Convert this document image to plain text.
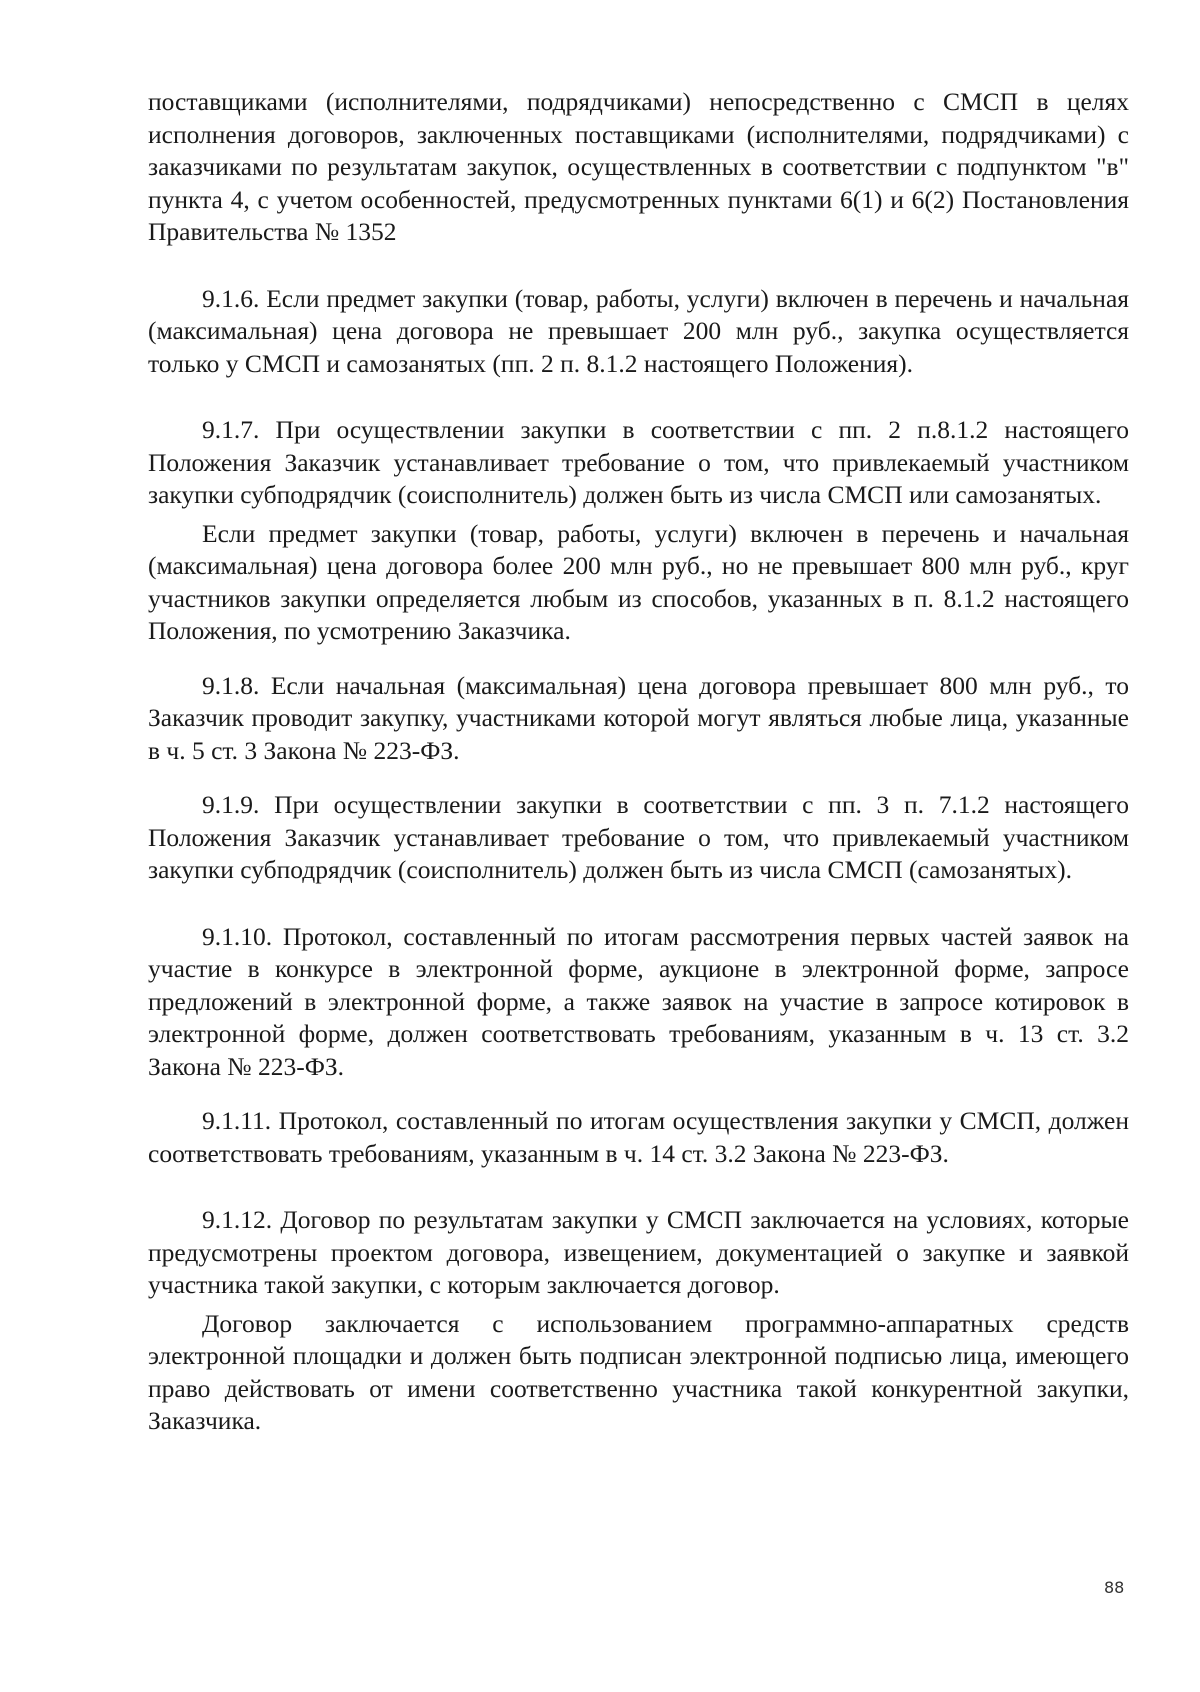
поставщиками (исполнителями, подрядчиками) непосредственно с СМСП в целях исполнения договоров, заключенных поставщиками (исполнителями, подрядчиками) с заказчиками по результатам закупок, осуществленных в соответствии с подпунктом "в" пункта 4, с учетом особенностей, предусмотренных пунктами 6(1) и 6(2) Постановления Правительства № 1352

9.1.6. Если предмет закупки (товар, работы, услуги) включен в перечень и начальная (максимальная) цена договора не превышает 200 млн руб., закупка осуществляется только у СМСП и самозанятых (пп. 2 п. 8.1.2 настоящего Положения).

9.1.7. При осуществлении закупки в соответствии с пп. 2 п.8.1.2 настоящего Положения Заказчик устанавливает требование о том, что привлекаемый участником закупки субподрядчик (соисполнитель) должен быть из числа СМСП или самозанятых.

Если предмет закупки (товар, работы, услуги) включен в перечень и начальная (максимальная) цена договора более 200 млн руб., но не превышает 800 млн руб., круг участников закупки определяется любым из способов, указанных в п. 8.1.2 настоящего Положения, по усмотрению Заказчика.

9.1.8. Если начальная (максимальная) цена договора превышает 800 млн руб., то Заказчик проводит закупку, участниками которой могут являться любые лица, указанные в ч. 5 ст. 3 Закона № 223-ФЗ.

9.1.9. При осуществлении закупки в соответствии с пп. 3 п. 7.1.2 настоящего Положения Заказчик устанавливает требование о том, что привлекаемый участником закупки субподрядчик (соисполнитель) должен быть из числа СМСП (самозанятых).

9.1.10. Протокол, составленный по итогам рассмотрения первых частей заявок на участие в конкурсе в электронной форме, аукционе в электронной форме, запросе предложений в электронной форме, а также заявок на участие в запросе котировок в электронной форме, должен соответствовать требованиям, указанным в ч. 13 ст. 3.2 Закона № 223-ФЗ.

9.1.11. Протокол, составленный по итогам осуществления закупки у СМСП, должен соответствовать требованиям, указанным в ч. 14 ст. 3.2 Закона № 223-ФЗ.

9.1.12. Договор по результатам закупки у СМСП заключается на условиях, которые предусмотрены проектом договора, извещением, документацией о закупке и заявкой участника такой закупки, с которым заключается договор.

Договор заключается с использованием программно-аппаратных средств электронной площадки и должен быть подписан электронной подписью лица, имеющего право действовать от имени соответственно участника такой конкурентной закупки, Заказчика.

88
